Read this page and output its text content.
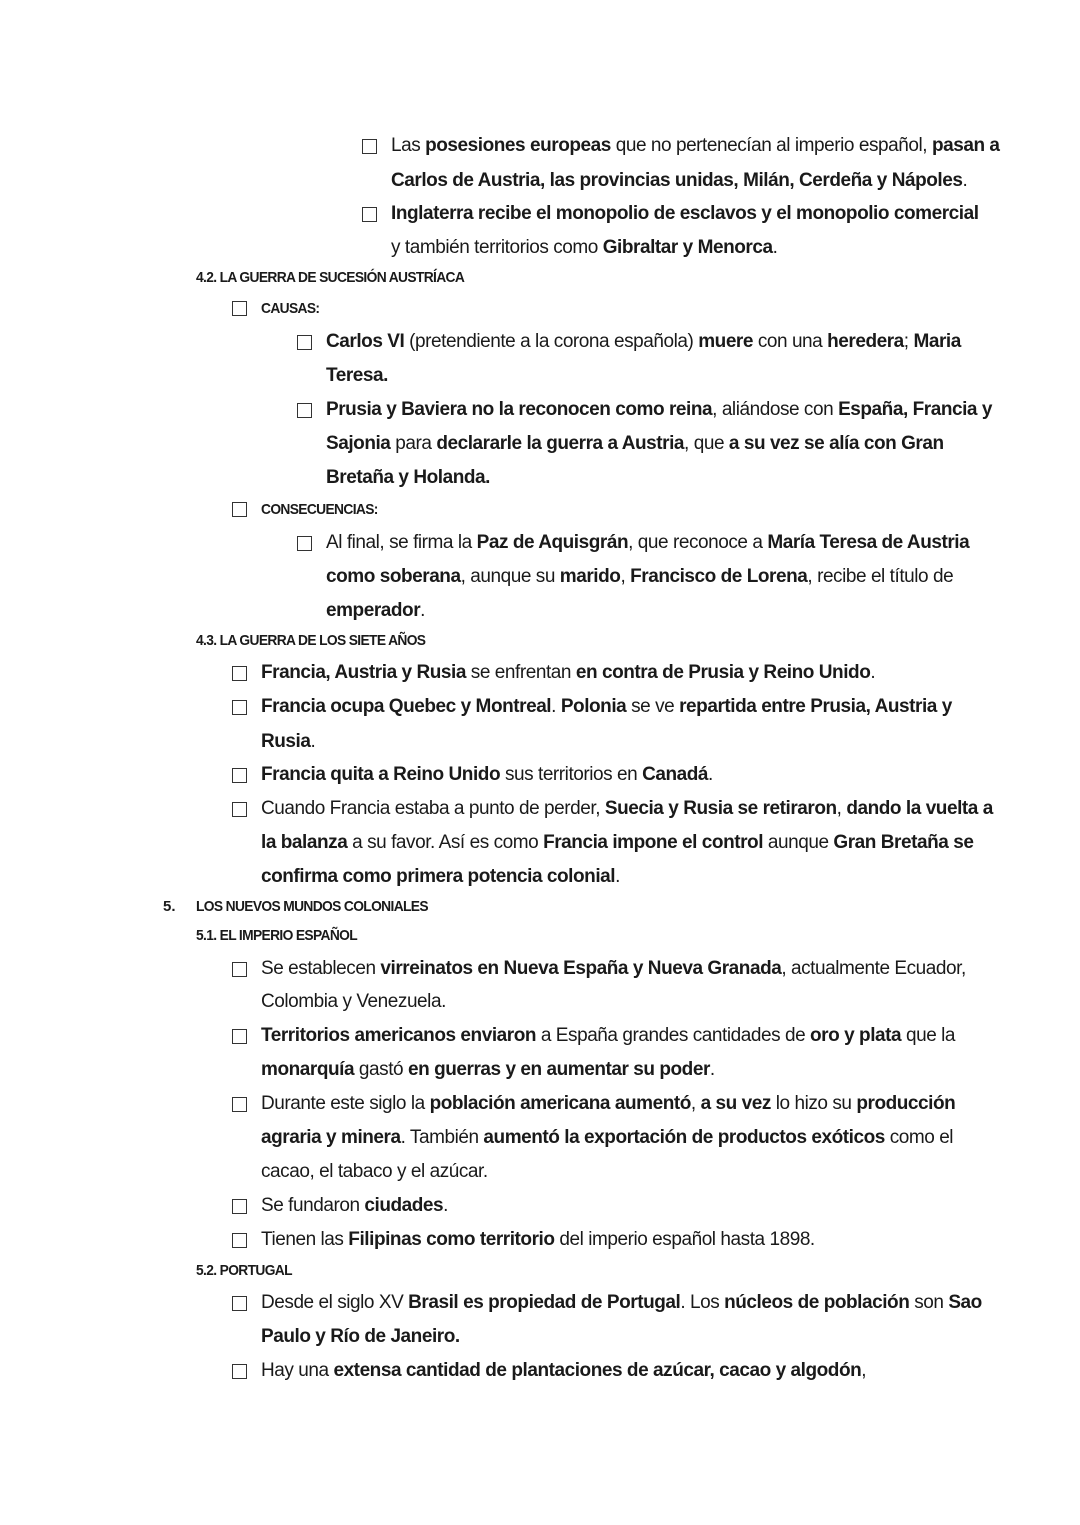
Las posesiones europeas que no pertenecían al imperio español, pasan a
Carlos de Austria, las provincias unidas, Milán, Cerdeña y Nápoles.
Inglaterra recibe el monopolio de esclavos y el monopolio comercial
y también territorios como Gibraltar y Menorca.
4.2. LA GUERRA DE SUCESIÓN AUSTRÍACA
CAUSAS:
Carlos VI (pretendiente a la corona española) muere con una heredera; Maria
Teresa.
Prusia y Baviera no la reconocen como reina, aliándose con España, Francia y
Sajonia para declararle la guerra a Austria, que a su vez se alía con Gran
Bretaña y Holanda.
CONSECUENCIAS:
Al final, se firma la Paz de Aquisgrán, que reconoce a María Teresa de Austria
como soberana, aunque su marido, Francisco de Lorena, recibe el título de
emperador.
4.3. LA GUERRA DE LOS SIETE AÑOS
Francia, Austria y Rusia se enfrentan en contra de Prusia y Reino Unido.
Francia ocupa Quebec y Montreal. Polonia se ve repartida entre Prusia, Austria y
Rusia.
Francia quita a Reino Unido sus territorios en Canadá.
Cuando Francia estaba a punto de perder, Suecia y Rusia se retiraron, dando la vuelta a
la balanza a su favor. Así es como Francia impone el control aunque Gran Bretaña se
confirma como primera potencia colonial.
5. LOS NUEVOS MUNDOS COLONIALES
5.1. EL IMPERIO ESPAÑOL
Se establecen virreinatos en Nueva España y Nueva Granada, actualmente Ecuador,
Colombia y Venezuela.
Territorios americanos enviaron a España grandes cantidades de oro y plata que la
monarquía gastó en guerras y en aumentar su poder.
Durante este siglo la población americana aumentó, a su vez lo hizo su producción
agraria y minera. También aumentó la exportación de productos exóticos como el
cacao, el tabaco y el azúcar.
Se fundaron ciudades.
Tienen las Filipinas como territorio del imperio español hasta 1898.
5.2. PORTUGAL
Desde el siglo XV Brasil es propiedad de Portugal. Los núcleos de población son Sao
Paulo y Río de Janeiro.
Hay una extensa cantidad de plantaciones de azúcar, cacao y algodón,
